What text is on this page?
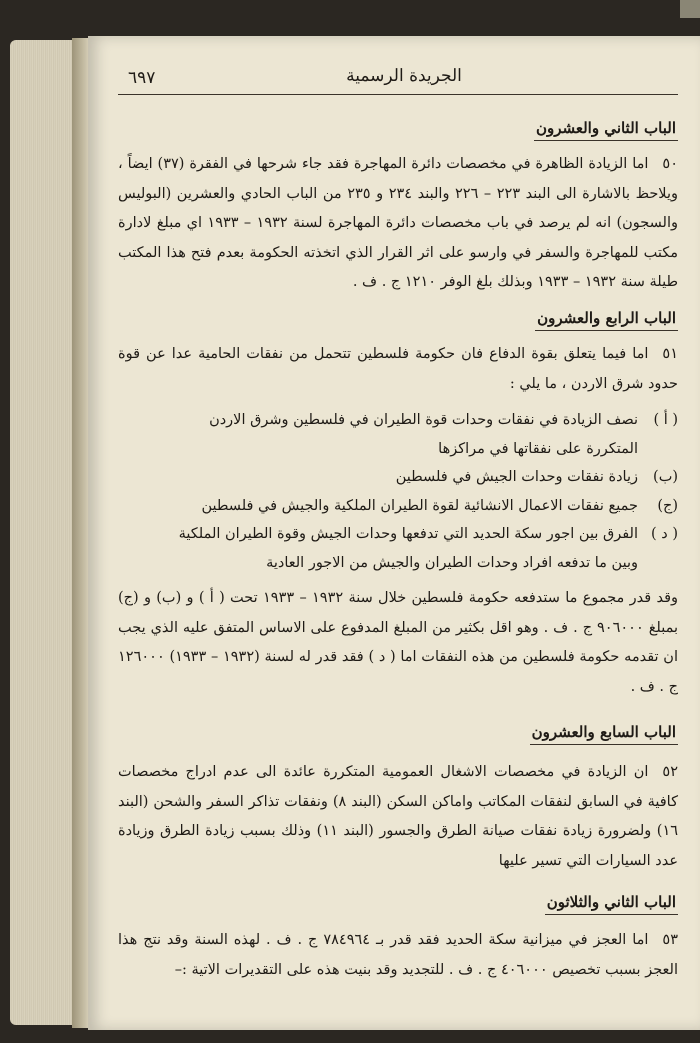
٦٩٧	الجريدة الرسمية
الباب الثاني والعشرون
٥٠اما الزيادة الظاهرة في مخصصات دائرة المهاجرة فقد جاء شرحها في الفقرة (٣٧) ايضاً ، ويلاحظ بالاشارة الى البند ٢٢٣ – ٢٢٦ والبند ٢٣٤ و ٢٣٥ من الباب الحادي والعشرين (البوليس والسجون) انه لم يرصد في باب مخصصات دائرة المهاجرة لسنة ١٩٣٢ – ١٩٣٣ اي مبلغ لادارة مكتب للمهاجرة والسفر في وارسو على اثر القرار الذي اتخذته الحكومة بعدم فتح هذا المكتب طيلة سنة ١٩٣٢ – ١٩٣٣ وبذلك بلغ الوفر ١٢١٠ ج . ف .
الباب الرابع والعشرون
٥١اما فيما يتعلق بقوة الدفاع فان حكومة فلسطين تتحمل من نفقات الحامية عدا عن قوة حدود شرق الاردن ، ما يلي :
( أ )
نصف الزيادة في نفقات وحدات قوة الطيران في فلسطين وشرق الاردن
المتكررة على نفقاتها في مراكزها
(ب)
زيادة نفقات وحدات الجيش في فلسطين
(ج)
جميع نفقات الاعمال الانشائية لقوة الطيران الملكية والجيش في فلسطين
( د )
الفرق بين اجور سكة الحديد التي تدفعها وحدات الجيش وقوة الطيران الملكية
وبين ما تدفعه افراد وحدات الطيران والجيش من الاجور العادية
وقد قدر مجموع ما ستدفعه حكومة فلسطين خلال سنة ١٩٣٢ – ١٩٣٣ تحت ( أ ) و (ب) و (ج) بمبلغ ٩٠٦٠٠٠ ج . ف . وهو اقل بكثير من المبلغ المدفوع على الاساس المتفق عليه الذي يجب ان تقدمه حكومة فلسطين من هذه النفقات اما ( د ) فقد قدر له لسنة (١٩٣٢ – ١٩٣٣) ١٢٦٠٠٠ ج . ف .
الباب السابع والعشرون
٥٢ان الزيادة في مخصصات الاشغال العمومية المتكررة عائدة الى عدم ادراج مخصصات كافية في السابق لنفقات المكاتب واماكن السكن (البند ٨) ونفقات تذاكر السفر والشحن (البند ١٦) ولضرورة زيادة نفقات صيانة الطرق والجسور (البند ١١) وذلك بسبب زيادة الطرق وزيادة عدد السيارات التي تسير عليها
الباب الثاني والثلاثون
٥٣اما العجز في ميزانية سكة الحديد فقد قدر بـ ٧٨٤٩٦٤ ج . ف . لهذه السنة وقد نتج هذا العجز بسبب تخصيص ٤٠٦٠٠٠ ج . ف . للتجديد وقد بنيت هذه على التقديرات الاتية :–
